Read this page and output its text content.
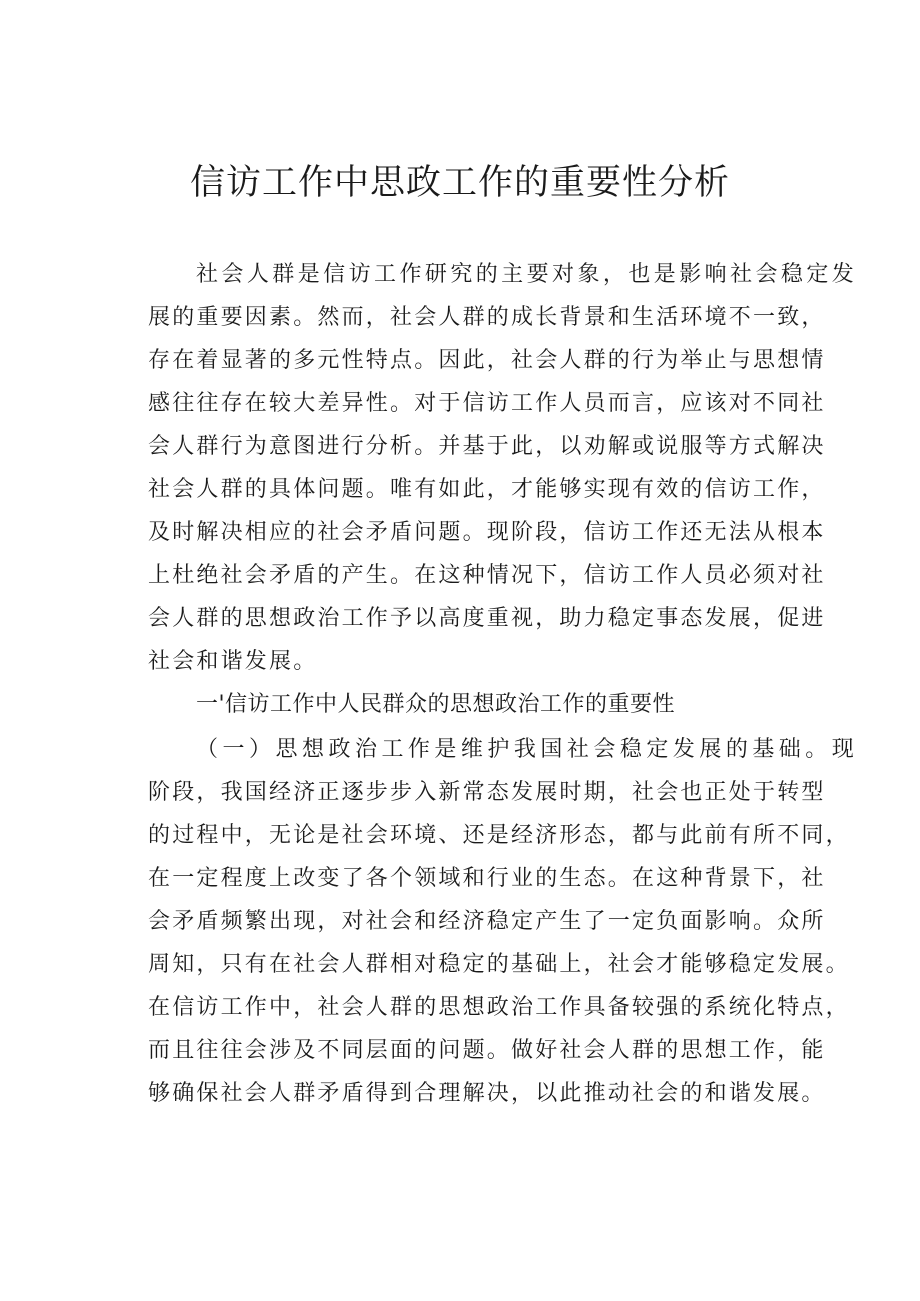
信访工作中思政工作的重要性分析
社会人群是信访工作研究的主要对象，也是影响社会稳定发
展的重要因素。然而，社会人群的成长背景和生活环境不一致，
存在着显著的多元性特点。因此，社会人群的行为举止与思想情
感往往存在较大差异性。对于信访工作人员而言，应该对不同社
会人群行为意图进行分析。并基于此，以劝解或说服等方式解决
社会人群的具体问题。唯有如此，才能够实现有效的信访工作，
及时解决相应的社会矛盾问题。现阶段，信访工作还无法从根本
上杜绝社会矛盾的产生。在这种情况下，信访工作人员必须对社
会人群的思想政治工作予以高度重视，助力稳定事态发展，促进
社会和谐发展。
一'信访工作中人民群众的思想政治工作的重要性
（一）思想政治工作是维护我国社会稳定发展的基础。现
阶段，我国经济正逐步步入新常态发展时期，社会也正处于转型
的过程中，无论是社会环境、还是经济形态，都与此前有所不同，
在一定程度上改变了各个领域和行业的生态。在这种背景下，社
会矛盾频繁出现，对社会和经济稳定产生了一定负面影响。众所
周知，只有在社会人群相对稳定的基础上，社会才能够稳定发展。
在信访工作中，社会人群的思想政治工作具备较强的系统化特点，
而且往往会涉及不同层面的问题。做好社会人群的思想工作，能
够确保社会人群矛盾得到合理解决，以此推动社会的和谐发展。
